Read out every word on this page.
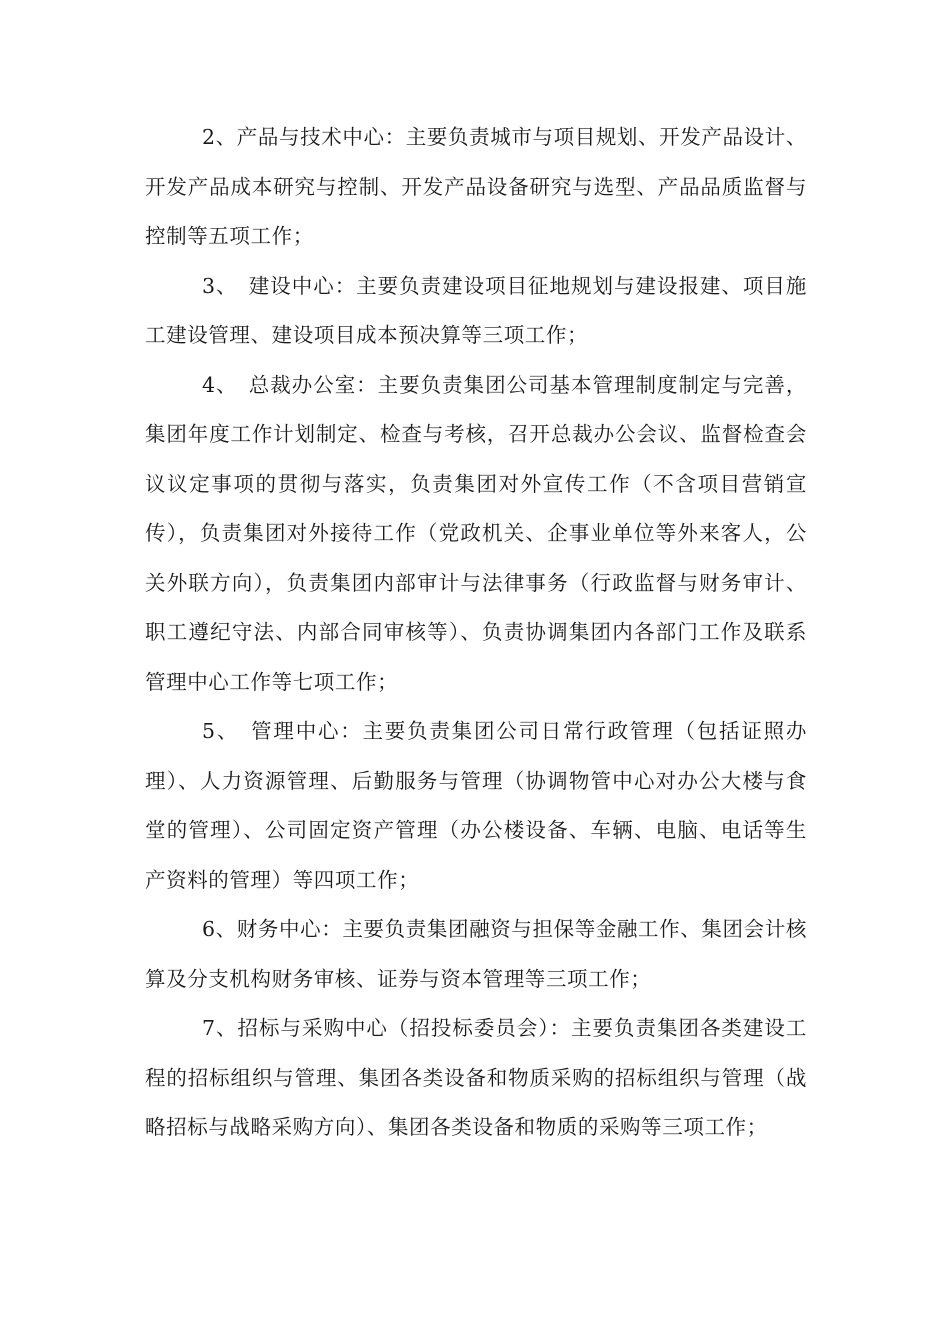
2、产品与技术中心：主要负责城市与项目规划、开发产品设计、开发产品成本研究与控制、开发产品设备研究与选型、产品品质监督与控制等五项工作；

3、　建设中心：主要负责建设项目征地规划与建设报建、项目施工建设管理、建设项目成本预决算等三项工作；

4、　总裁办公室：主要负责集团公司基本管理制度制定与完善，集团年度工作计划制定、检查与考核，召开总裁办公会议、监督检查会议议定事项的贯彻与落实，负责集团对外宣传工作（不含项目营销宣传），负责集团对外接待工作（党政机关、企事业单位等外来客人，公关外联方向），负责集团内部审计与法律事务（行政监督与财务审计、职工遵纪守法、内部合同审核等）、负责协调集团内各部门工作及联系管理中心工作等七项工作；

5、　管理中心：主要负责集团公司日常行政管理（包括证照办理）、人力资源管理、后勤服务与管理（协调物管中心对办公大楼与食堂的管理）、公司固定资产管理（办公楼设备、车辆、电脑、电话等生产资料的管理）等四项工作；

6、财务中心：主要负责集团融资与担保等金融工作、集团会计核算及分支机构财务审核、证券与资本管理等三项工作；

7、招标与采购中心（招投标委员会）：主要负责集团各类建设工程的招标组织与管理、集团各类设备和物质采购的招标组织与管理（战略招标与战略采购方向）、集团各类设备和物质的采购等三项工作；
